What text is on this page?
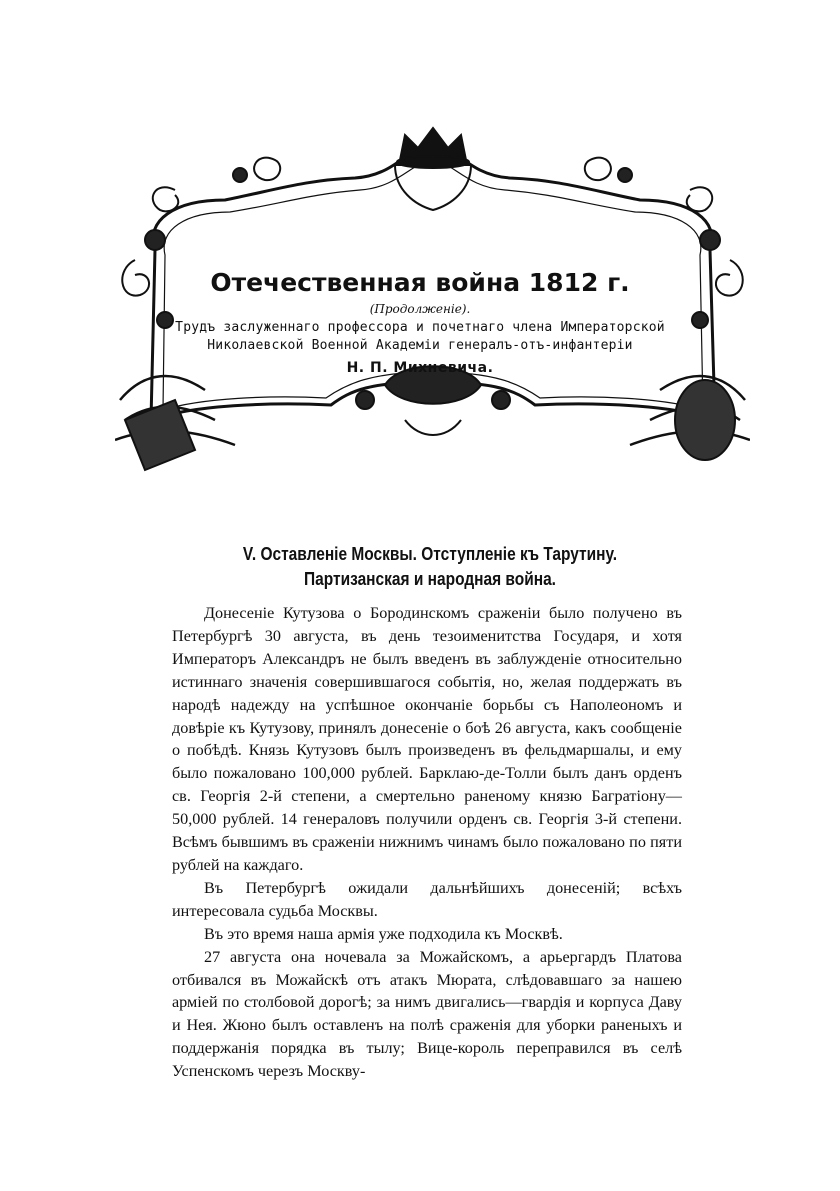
Отечественная война 1812 г.
(Продолженіе).
Трудъ заслуженнаго профессора и почетнаго члена Императорской
Николаевской Военной Академіи генералъ-отъ-инфантеріи
Н. П. Михневича.
V. Оставленіе Москвы. Отступленіе къ Тарутину. Партизанская и народная война.

Донесеніе Кутузова о Бородинскомъ сраженіи было получено въ Петербургѣ 30 августа, въ день тезоименитства Государя, и хотя Императоръ Александръ не былъ введенъ въ заблужденіе относительно истиннаго значенія совершившагося событія, но, желая поддержать въ народѣ надежду на успѣшное окончаніе борьбы съ Наполеономъ и довѣріе къ Кутузову, принялъ донесеніе о боѣ 26 августа, какъ сообщеніе о побѣдѣ. Князь Кутузовъ былъ произведенъ въ фельдмаршалы, и ему было пожаловано 100,000 рублей. Барклаю-де-Толли былъ данъ орденъ св. Георгія 2-й степени, а смертельно раненому князю Багратіону—50,000 рублей. 14 генераловъ получили орденъ св. Георгія 3-й степени. Всѣмъ бывшимъ въ сраженіи нижнимъ чинамъ было пожаловано по пяти рублей на каждаго.

Въ Петербургѣ ожидали дальнѣйшихъ донесеній; всѣхъ интересовала судьба Москвы.

Въ это время наша армія уже подходила къ Москвѣ.

27 августа она ночевала за Можайскомъ, а арьергардъ Платова отбивался въ Можайскѣ отъ атакъ Мюрата, слѣдовавшаго за нашею арміей по столбовой дорогѣ; за нимъ двигались—гвардія и корпуса Даву и Нея. Жюно былъ оставленъ на полѣ сраженія для уборки раненыхъ и поддержанія порядка въ тылу; Вице-король переправился въ селѣ Успенскомъ черезъ Москву-
